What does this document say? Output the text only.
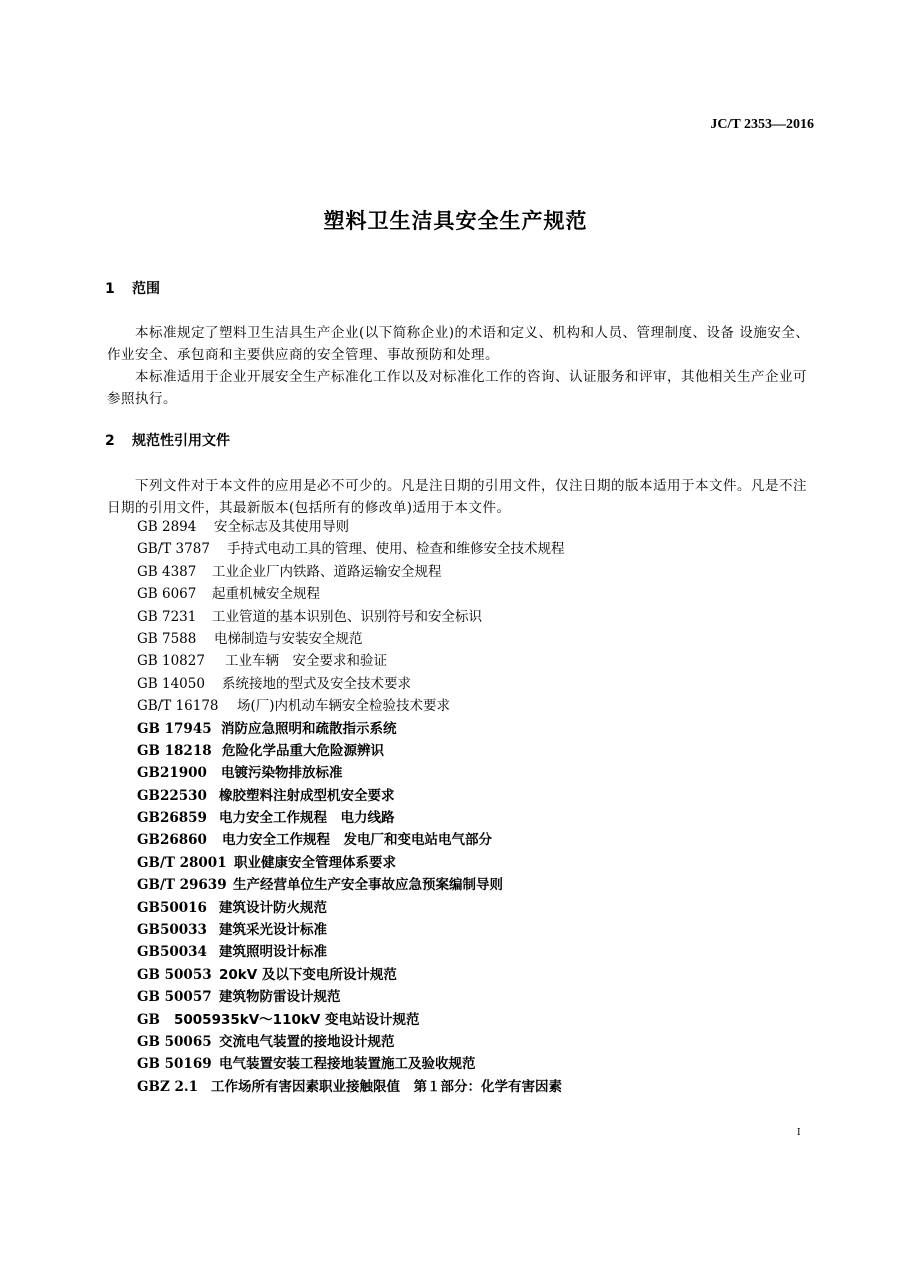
JC/T 2353—2016
塑料卫生洁具安全生产规范
1 范围
本标准规定了塑料卫生洁具生产企业(以下简称企业)的术语和定义、机构和人员、管理制度、设备 设施安全、作业安全、承包商和主要供应商的安全管理、事故预防和处理。
本标准适用于企业开展安全生产标准化工作以及对标准化工作的咨询、认证服务和评审，其他相关生产企业可参照执行。
2 规范性引用文件
下列文件对于本文件的应用是必不可少的。凡是注日期的引用文件，仅注日期的版本适用于本文件。凡是不注日期的引用文件，其最新版本(包括所有的修改单)适用于本文件。
GB 2894 安全标志及其使用导则
GB/T 3787 手持式电动工具的管理、使用、检查和维修安全技术规程
GB 4387 工业企业厂内铁路、道路运输安全规程
GB 6067 起重机械安全规程
GB 7231 工业管道的基本识别色、识别符号和安全标识
GB 7588 电梯制造与安装安全规范
GB 10827 工业车辆　安全要求和验证
GB 14050 系统接地的型式及安全技术要求
GB/T 16178 场(厂)内机动车辆安全检验技术要求
GB 17945 消防应急照明和疏散指示系统
GB 18218 危险化学品重大危险源辨识
GB21900 电镀污染物排放标准
GB22530 橡胶塑料注射成型机安全要求
GB26859 电力安全工作规程　电力线路
GB26860 电力安全工作规程　发电厂和变电站电气部分
GB/T 28001 职业健康安全管理体系要求
GB/T 29639 生产经营单位生产安全事故应急预案编制导则
GB50016 建筑设计防火规范
GB50033 建筑采光设计标准
GB50034 建筑照明设计标准
GB 50053 20kV 及以下变电所设计规范
GB 50057 建筑物防雷设计规范
GB 5005935kV～110kV 变电站设计规范
GB 50065 交流电气装置的接地设计规范
GB 50169 电气装置安装工程接地装置施工及验收规范
GBZ 2.1 工作场所有害因素职业接触限值　第１部分：化学有害因素
I
